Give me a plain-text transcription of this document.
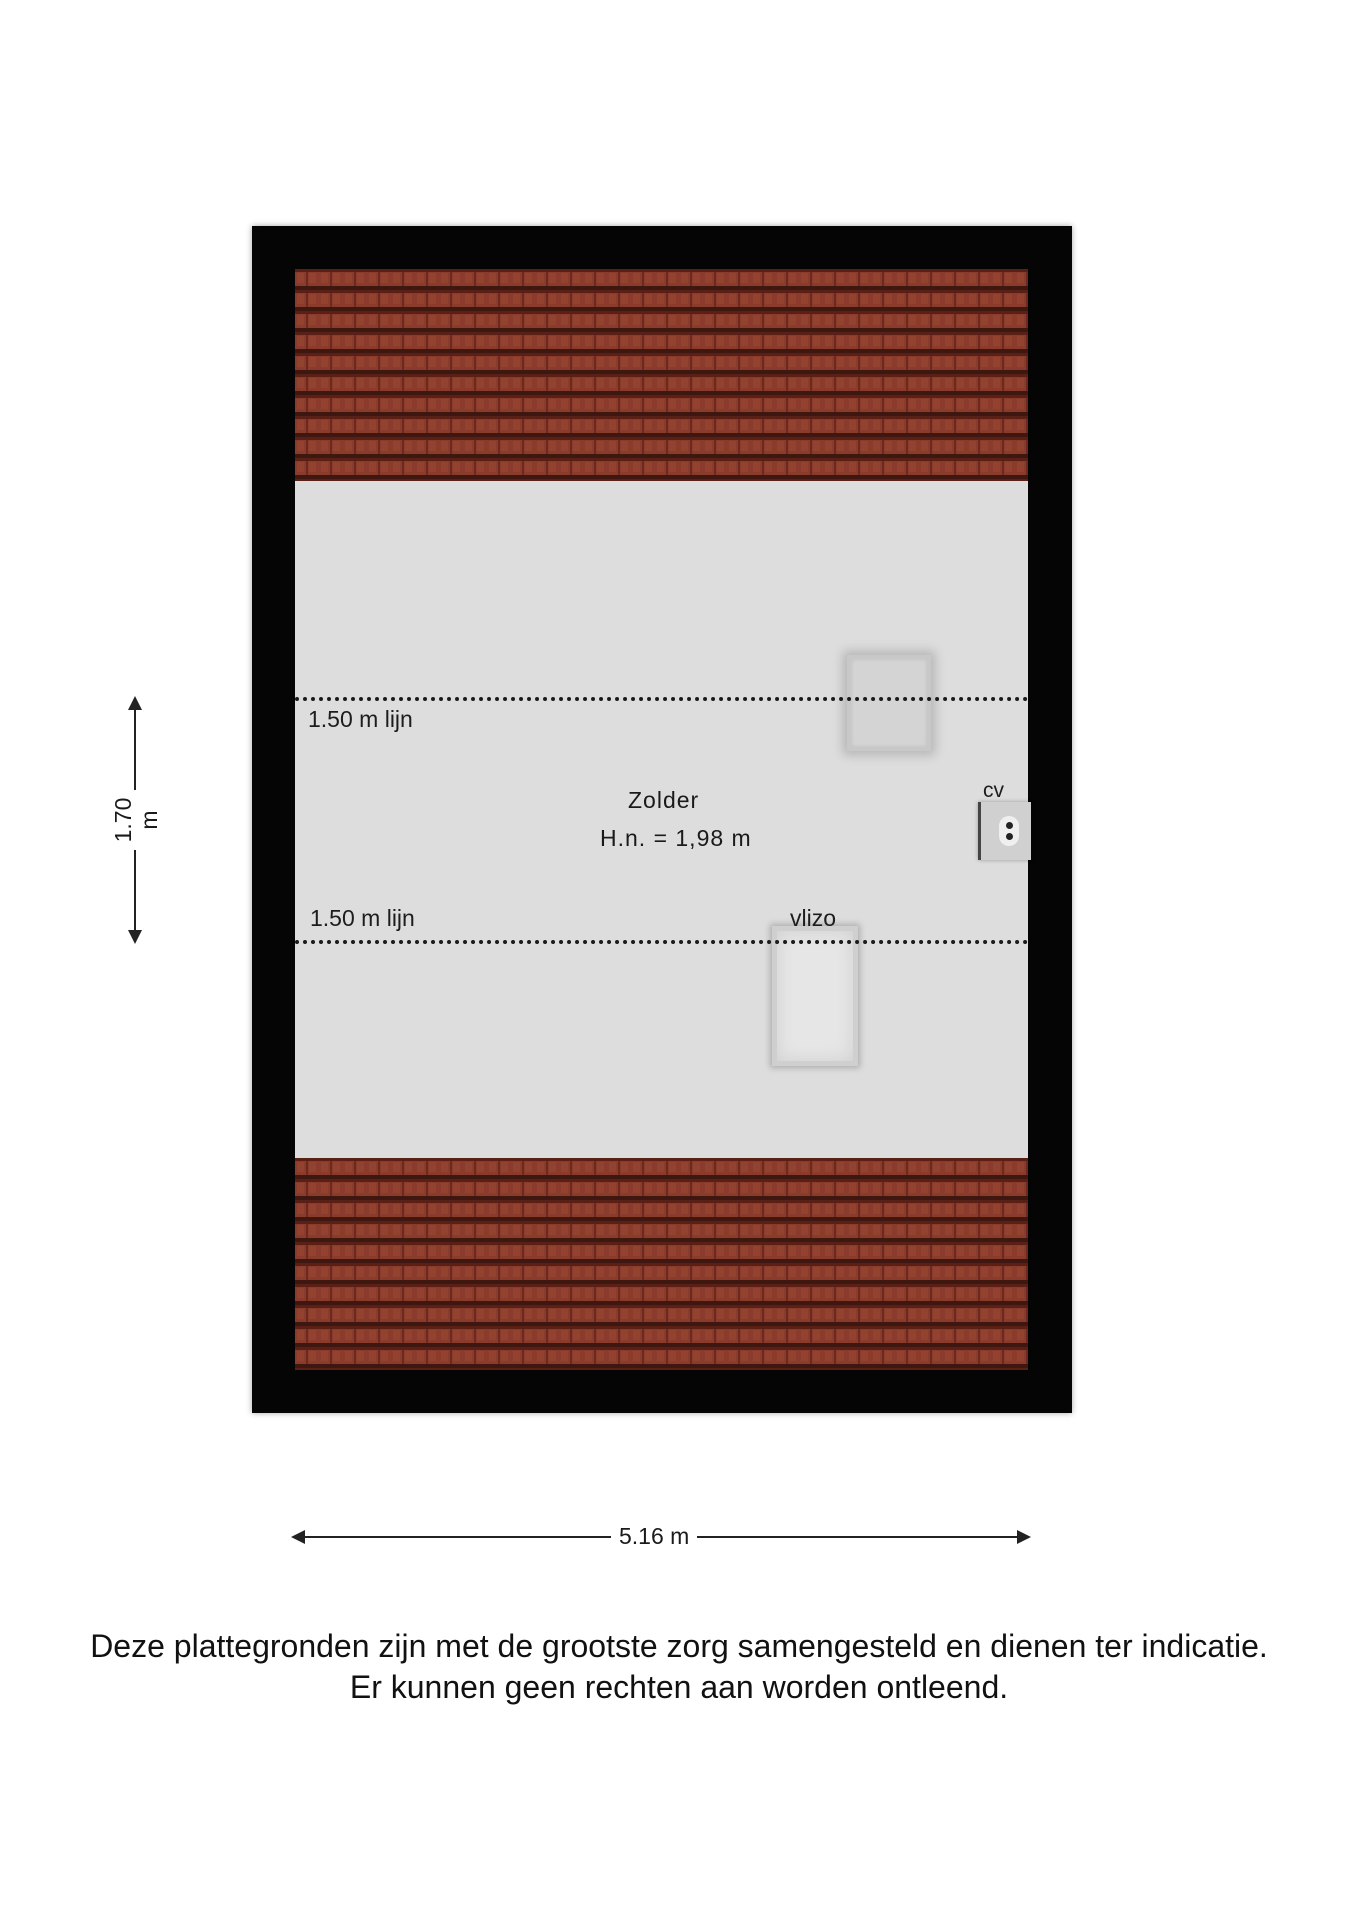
1.50 m lijn
Zolder
H.n. = 1,98 m
cv
vlizo
1.50 m lijn
1.70 m
5.16 m
Deze plattegronden zijn met de grootste zorg samengesteld en dienen ter indicatie.
Er kunnen geen rechten aan worden ontleend.
